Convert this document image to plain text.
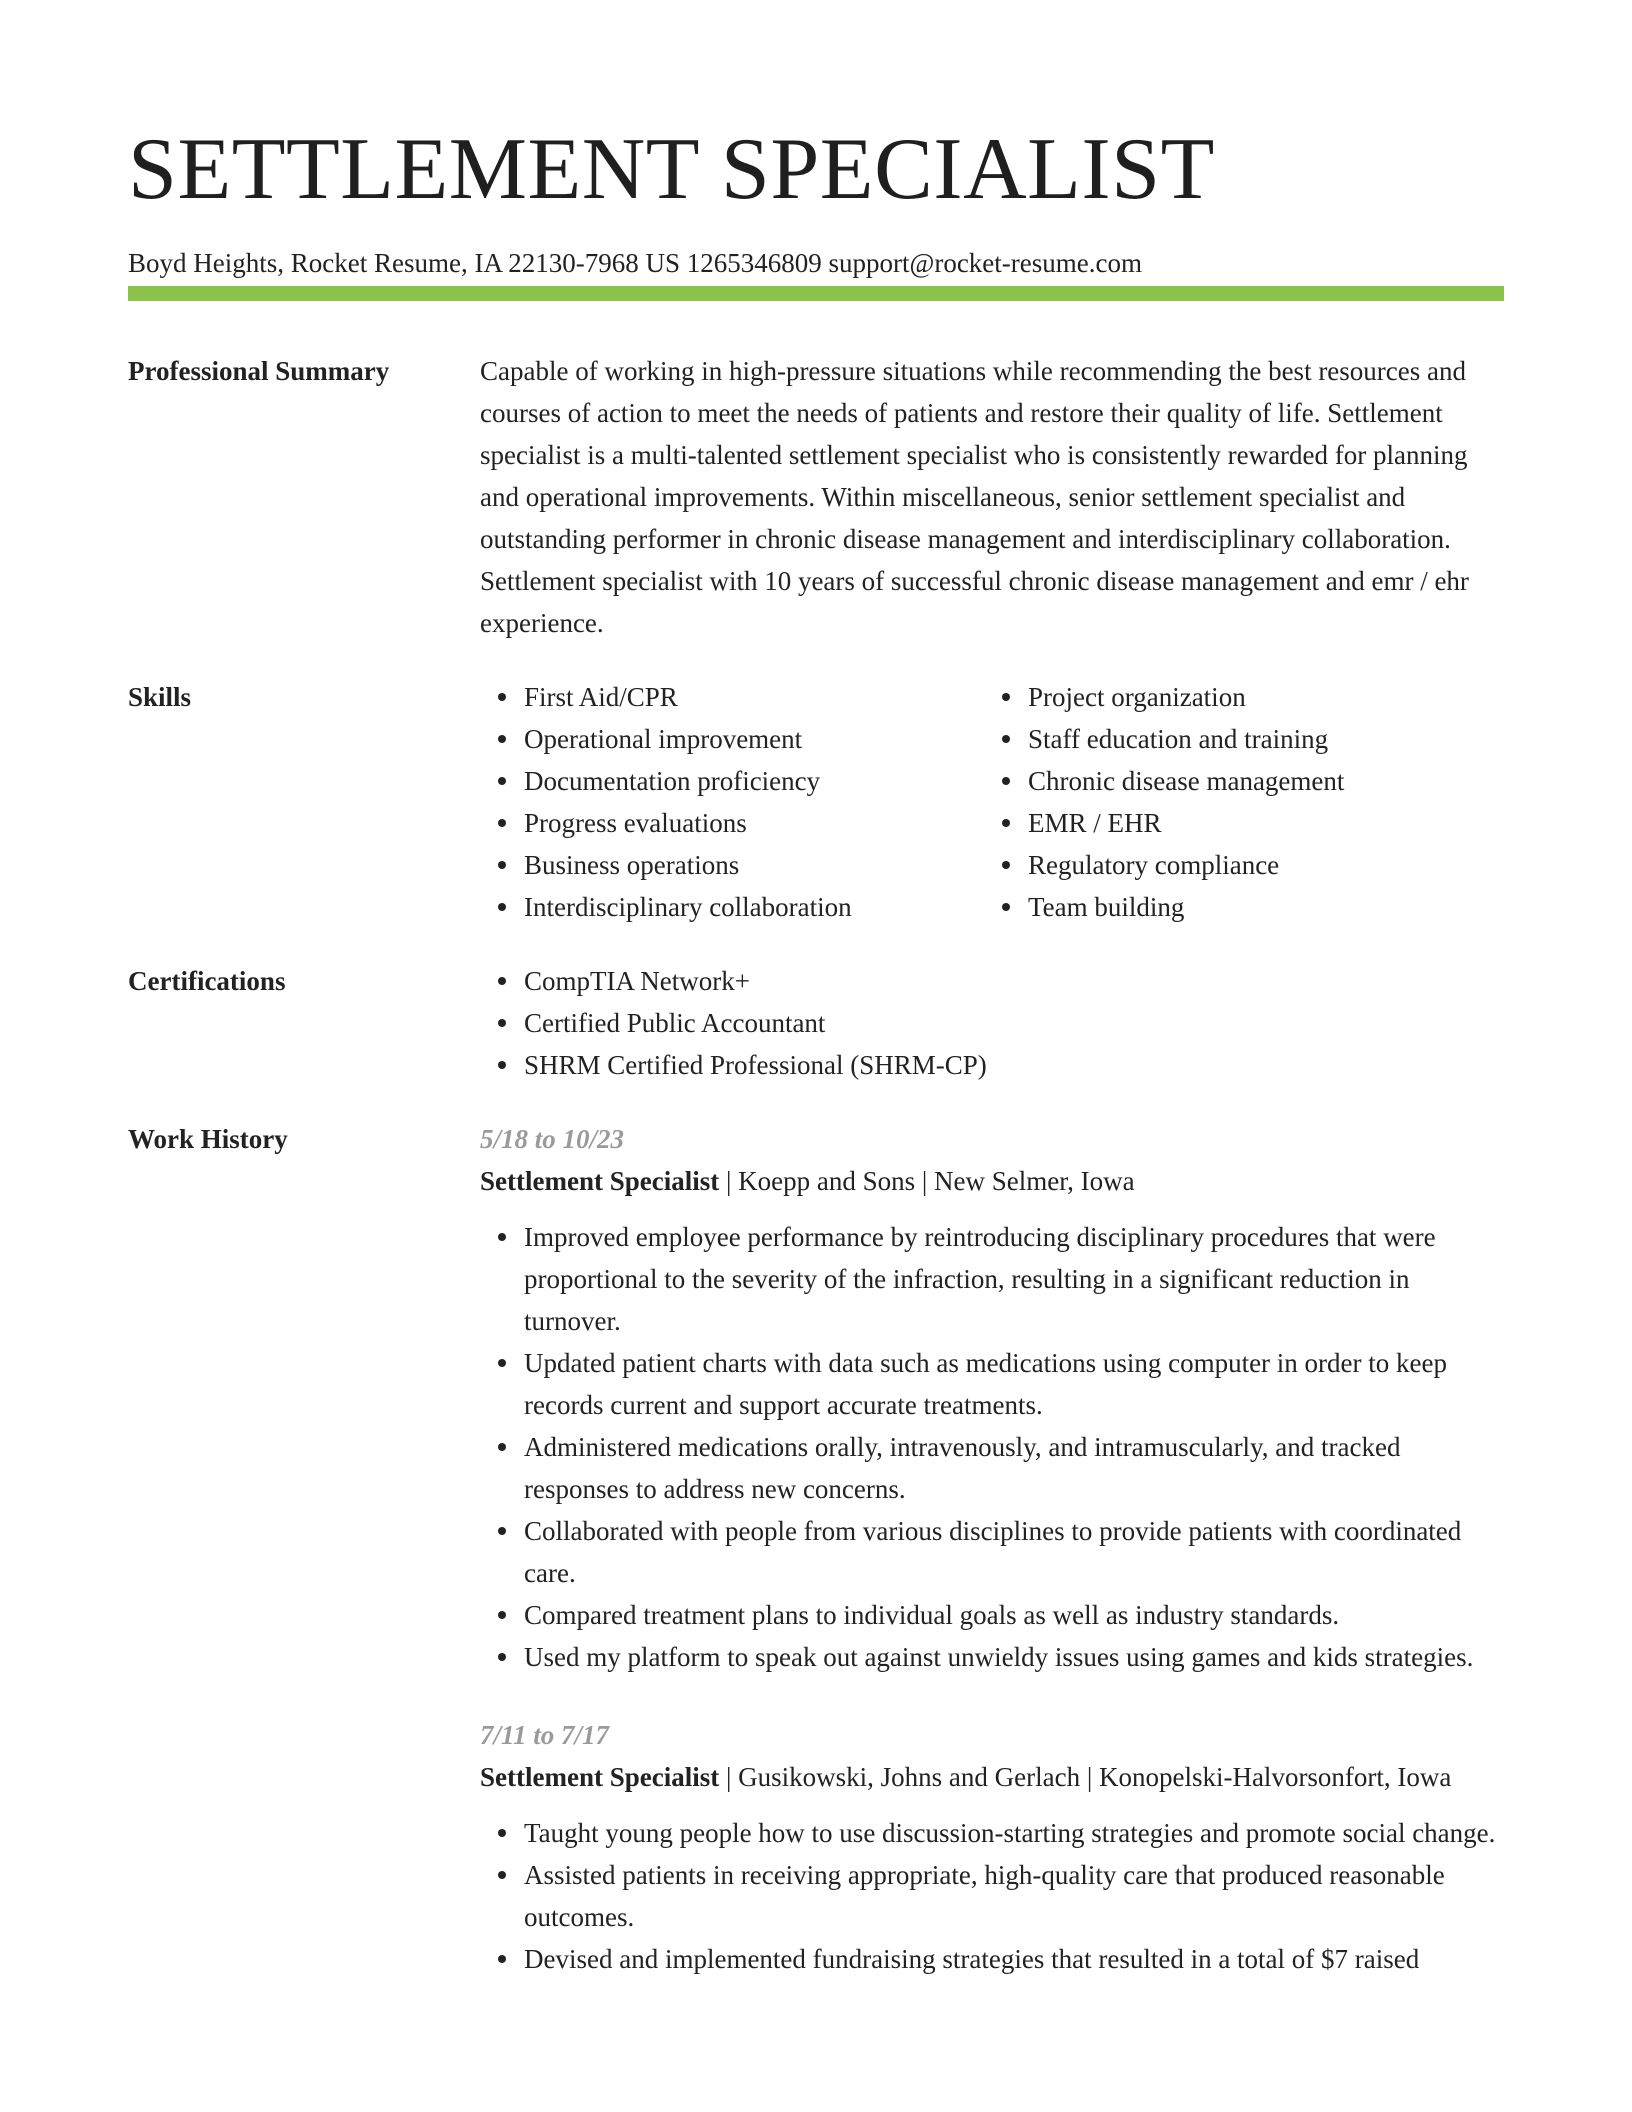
SETTLEMENT SPECIALIST
Boyd Heights, Rocket Resume, IA 22130-7968 US 1265346809 support@rocket-resume.com
Professional Summary	Capable of working in high-pressure situations while recommending the best resources and courses of action to meet the needs of patients and restore their quality of life. Settlement specialist is a multi-talented settlement specialist who is consistently rewarded for planning and operational improvements. Within miscellaneous, senior settlement specialist and outstanding performer in chronic disease management and interdisciplinary collaboration. Settlement specialist with 10 years of successful chronic disease management and emr / ehr experience.

Skills	First Aid/CPR
Operational improvement
Documentation proficiency
Progress evaluations
Business operations
Interdisciplinary collaboration
Project organization
Staff education and training
Chronic disease management
EMR / EHR
Regulatory compliance
Team building
Certifications	CompTIA Network+
Certified Public Accountant
SHRM Certified Professional (SHRM-CP)
Work History	5/18 to 10/23
Settlement Specialist | Koepp and Sons | New Selmer, Iowa
Improved employee performance by reintroducing disciplinary procedures that were proportional to the severity of the infraction, resulting in a significant reduction in turnover.
Updated patient charts with data such as medications using computer in order to keep records current and support accurate treatments.
Administered medications orally, intravenously, and intramuscularly, and tracked responses to address new concerns.
Collaborated with people from various disciplines to provide patients with coordinated care.
Compared treatment plans to individual goals as well as industry standards.
Used my platform to speak out against unwieldy issues using games and kids strategies.
7/11 to 7/17
Settlement Specialist | Gusikowski, Johns and Gerlach | Konopelski-Halvorsonfort, Iowa
Taught young people how to use discussion-starting strategies and promote social change.
Assisted patients in receiving appropriate, high-quality care that produced reasonable outcomes.
Devised and implemented fundraising strategies that resulted in a total of $7 raised
